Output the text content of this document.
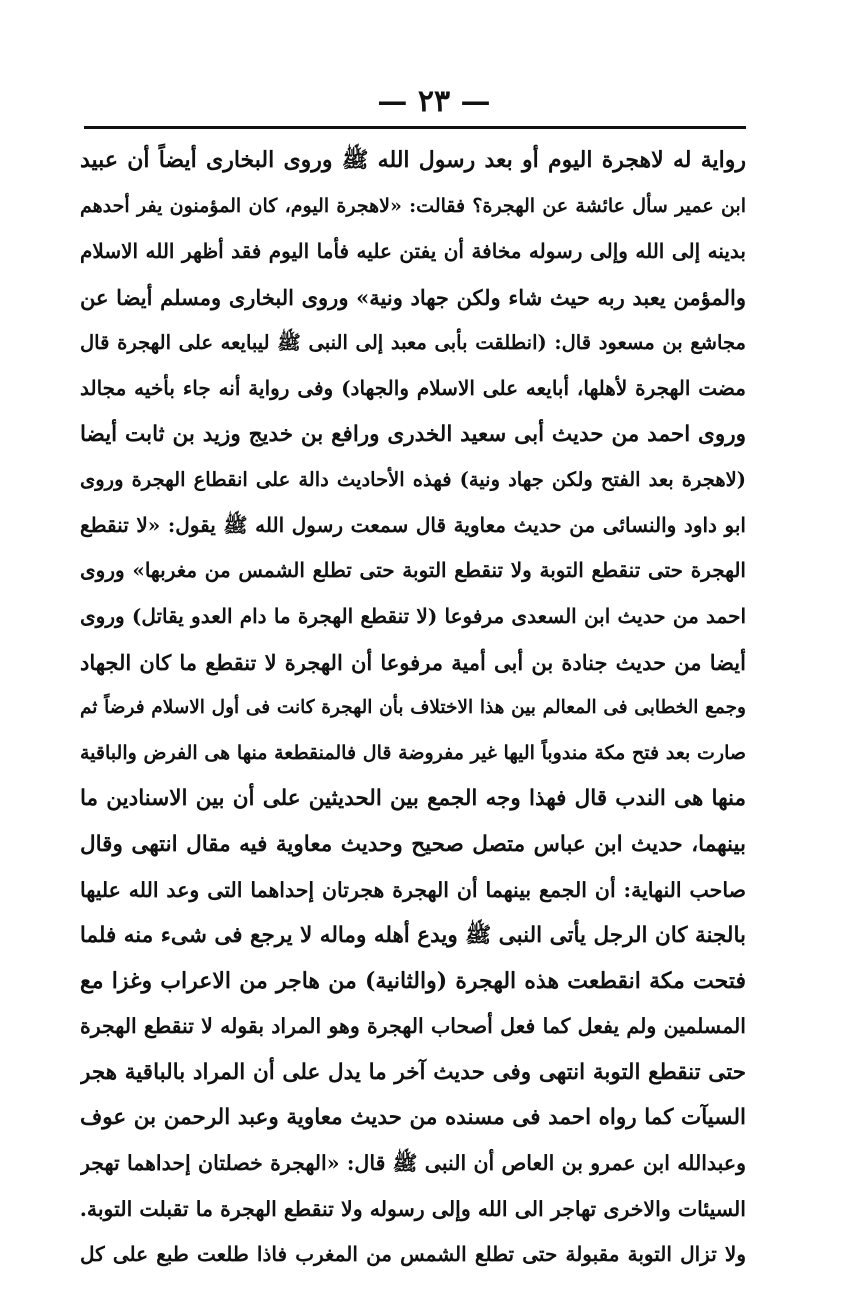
— ٢٣ —
رواية له لاهجرة اليوم أو بعد رسول الله ﷺ وروى البخارى أيضاً أن عبيد
ابن عمير سأل عائشة عن الهجرة؟ فقالت: «لاهجرة اليوم، كان المؤمنون يفر أحدهم
بدينه إلى الله وإلى رسوله مخافة أن يفتن عليه فأما اليوم فقد أظهر الله الاسلام
والمؤمن يعبد ربه حيث شاء ولكن جهاد ونية» وروى البخارى ومسلم أيضا عن
مجاشع بن مسعود قال: (انطلقت بأبى معبد إلى النبى ﷺ ليبايعه على الهجرة قال
مضت الهجرة لأهلها، أبايعه على الاسلام والجهاد) وفى رواية أنه جاء بأخيه مجالد
وروى احمد من حديث أبى سعيد الخدرى ورافع بن خديج وزيد بن ثابت أيضا
(لاهجرة بعد الفتح ولكن جهاد ونية) فهذه الأحاديث دالة على انقطاع الهجرة وروى
ابو داود والنسائى من حديث معاوية قال سمعت رسول الله ﷺ يقول: «لا تنقطع
الهجرة حتى تنقطع التوبة ولا تنقطع التوبة حتى تطلع الشمس من مغربها» وروى
احمد من حديث ابن السعدى مرفوعا (لا تنقطع الهجرة ما دام العدو يقاتل) وروى
أيضا من حديث جنادة بن أبى أمية مرفوعا أن الهجرة لا تنقطع ما كان الجهاد
وجمع الخطابى فى المعالم بين هذا الاختلاف بأن الهجرة كانت فى أول الاسلام فرضاً ثم
صارت بعد فتح مكة مندوباً اليها غير مفروضة قال فالمنقطعة منها هى الفرض والباقية
منها هى الندب قال فهذا وجه الجمع بين الحديثين على أن بين الاسنادين ما
بينهما، حديث ابن عباس متصل صحيح وحديث معاوية فيه مقال انتهى وقال
صاحب النهاية: أن الجمع بينهما أن الهجرة هجرتان إحداهما التى وعد الله عليها
بالجنة كان الرجل يأتى النبى ﷺ ويدع أهله وماله لا يرجع فى شىء منه فلما
فتحت مكة انقطعت هذه الهجرة (والثانية) من هاجر من الاعراب وغزا مع
المسلمين ولم يفعل كما فعل أصحاب الهجرة وهو المراد بقوله لا تنقطع الهجرة
حتى تنقطع التوبة انتهى وفى حديث آخر ما يدل على أن المراد بالباقية هجر
السيآت كما رواه احمد فى مسنده من حديث معاوية وعبد الرحمن بن عوف
وعبدالله ابن عمرو بن العاص أن النبى ﷺ قال: «الهجرة خصلتان إحداهما تهجر
السيئات والاخرى تهاجر الى الله وإلى رسوله ولا تنقطع الهجرة ما تقبلت التوبة.
ولا تزال التوبة مقبولة حتى تطلع الشمس من المغرب فاذا طلعت طبع على كل
